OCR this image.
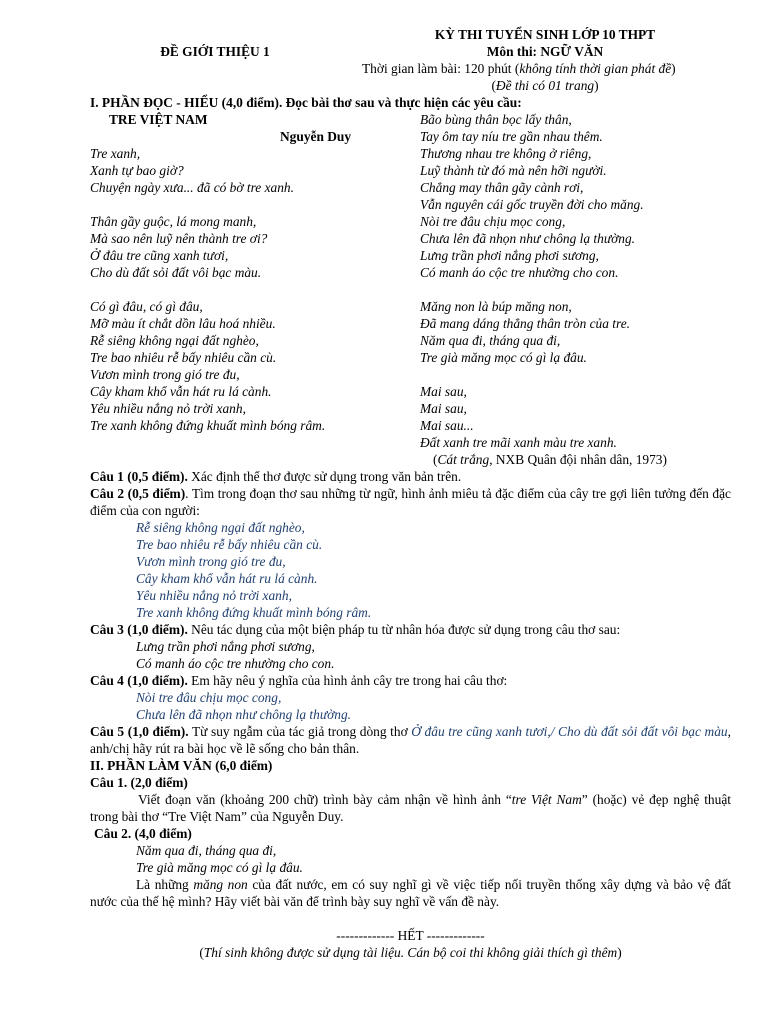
KỲ THI TUYỂN SINH LỚP 10 THPT
ĐỀ GIỚI THIỆU 1	Môn thi: NGỮ VĂN
Thời gian làm bài: 120 phút (không tính thời gian phát đề)
(Đề thi có 01 trang)
I. PHẦN ĐỌC - HIỂU (4,0 điểm). Đọc bài thơ sau và thực hiện các yêu cầu:
TRE VIỆT NAM
Nguyễn Duy
Tre xanh,
Xanh tự bao giờ?
Chuyện ngày xưa... đã có bờ tre xanh.
Thân gầy guộc, lá mong manh,
Mà sao nên luỹ nên thành tre ơi?
Ở đâu tre cũng xanh tươi,
Cho dù đất sỏi đất vôi bạc màu.
Có gì đâu, có gì đâu,
Mỡ màu ít chắt dồn lâu hoá nhiều.
Rễ siêng không ngại đất nghèo,
Tre bao nhiêu rễ bấy nhiêu cần cù.
Vươn mình trong gió tre đu,
Cây kham khổ vẫn hát ru lá cành.
Yêu nhiều nắng nỏ trời xanh,
Tre xanh không đứng khuất mình bóng râm.
Bão bùng thân bọc lấy thân,
Tay ôm tay níu tre gần nhau thêm.
Thương nhau tre không ở riêng,
Luỹ thành từ đó mà nên hỡi người.
Chẳng may thân gãy cành rơi,
Vẫn nguyên cái gốc truyền đời cho măng.
Nòi tre đâu chịu mọc cong,
Chưa lên đã nhọn như chông lạ thường.
Lưng trần phơi nắng phơi sương,
Có manh áo cộc tre nhường cho con.
Măng non là búp măng non,
Đã mang dáng thẳng thân tròn của tre.
Năm qua đi, tháng qua đi,
Tre già măng mọc có gì lạ đâu.
Mai sau,
Mai sau,
Mai sau...
Đất xanh tre mãi xanh màu tre xanh.
(Cát trắng, NXB Quân đội nhân dân, 1973)
Câu 1 (0,5 điểm). Xác định thể thơ được sử dụng trong văn bản trên.
Câu 2 (0,5 điểm). Tìm trong đoạn thơ sau những từ ngữ, hình ảnh miêu tả đặc điểm của cây tre gợi liên tưởng đến đặc điểm của con người:
Rễ siêng không ngại đất nghèo,
Tre bao nhiêu rễ bấy nhiêu cần cù.
Vươn mình trong gió tre đu,
Cây kham khổ vẫn hát ru lá cành.
Yêu nhiều nắng nỏ trời xanh,
Tre xanh không đứng khuất mình bóng râm.
Câu 3 (1,0 điểm). Nêu tác dụng của một biện pháp tu từ nhân hóa được sử dụng trong câu thơ sau:
Lưng trần phơi nắng phơi sương,
Có manh áo cộc tre nhường cho con.
Câu 4 (1,0 điểm). Em hãy nêu ý nghĩa của hình ảnh cây tre trong hai câu thơ:
Nòi tre đâu chịu mọc cong,
Chưa lên đã nhọn như chông lạ thường.
Câu 5 (1,0 điểm). Từ suy ngẫm của tác giả trong dòng thơ Ở đâu tre cũng xanh tươi,/ Cho dù đất sỏi đất vôi bạc màu, anh/chị hãy rút ra bài học về lẽ sống cho bản thân.
II. PHẦN LÀM VĂN (6,0 điểm)
Câu 1. (2,0 điểm)
Viết đoạn văn (khoảng 200 chữ) trình bày cảm nhận về hình ảnh “tre Việt Nam” (hoặc) vẻ đẹp nghệ thuật trong bài thơ “Tre Việt Nam” của Nguyễn Duy.
Câu 2. (4,0 điểm)
Năm qua đi, tháng qua đi,
Tre già măng mọc có gì lạ đâu.
Là những măng non của đất nước, em có suy nghĩ gì về việc tiếp nối truyền thống xây dựng và bảo vệ đất nước của thế hệ mình? Hãy viết bài văn để trình bày suy nghĩ về vấn đề này.
------------- HẾT -------------
(Thí sinh không được sử dụng tài liệu. Cán bộ coi thi không giải thích gì thêm)
